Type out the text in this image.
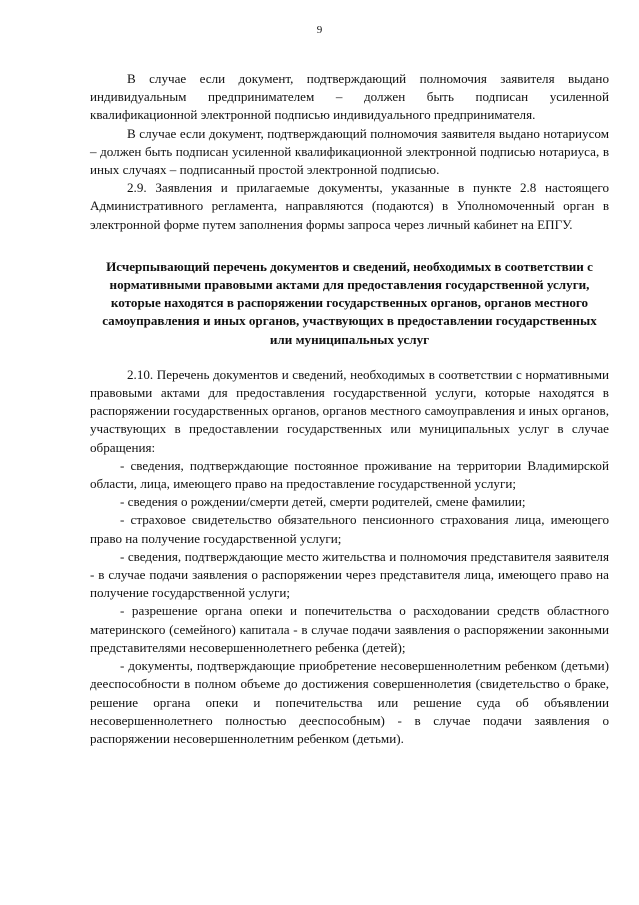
9

В случае если документ, подтверждающий полномочия заявителя выдано индивидуальным предпринимателем – должен быть подписан усиленной квалификационной электронной подписью индивидуального предпринимателя.

В случае если документ, подтверждающий полномочия заявителя выдано нотариусом – должен быть подписан усиленной квалификационной электронной подписью нотариуса, в иных случаях – подписанный простой электронной подписью.

2.9. Заявления и прилагаемые документы, указанные в пункте 2.8 настоящего Административного регламента, направляются (подаются) в Уполномоченный орган в электронной форме путем заполнения формы запроса через личный кабинет на ЕПГУ.

Исчерпывающий перечень документов и сведений, необходимых в соответствии с нормативными правовыми актами для предоставления государственной услуги, которые находятся в распоряжении государственных органов, органов местного самоуправления и иных органов, участвующих в предоставлении государственных или муниципальных услуг

2.10. Перечень документов и сведений, необходимых в соответствии с нормативными правовыми актами для предоставления государственной услуги, которые находятся в распоряжении государственных органов, органов местного самоуправления и иных органов, участвующих в предоставлении государственных или муниципальных услуг в случае обращения:

- сведения, подтверждающие постоянное проживание на территории Владимирской области, лица, имеющего право на предоставление государственной услуги;

- сведения о рождении/смерти детей, смерти родителей, смене фамилии;

- страховое свидетельство обязательного пенсионного страхования лица, имеющего право на получение государственной услуги;

- сведения, подтверждающие место жительства и полномочия представителя заявителя - в случае подачи заявления о распоряжении через представителя лица, имеющего право на получение государственной услуги;

- разрешение органа опеки и попечительства о расходовании средств областного материнского (семейного) капитала - в случае подачи заявления о распоряжении законными представителями несовершеннолетнего ребенка (детей);

- документы, подтверждающие приобретение несовершеннолетним ребенком (детьми) дееспособности в полном объеме до достижения совершеннолетия (свидетельство о браке, решение органа опеки и попечительства или решение суда об объявлении несовершеннолетнего полностью дееспособным) - в случае подачи заявления о распоряжении несовершеннолетним ребенком (детьми).
